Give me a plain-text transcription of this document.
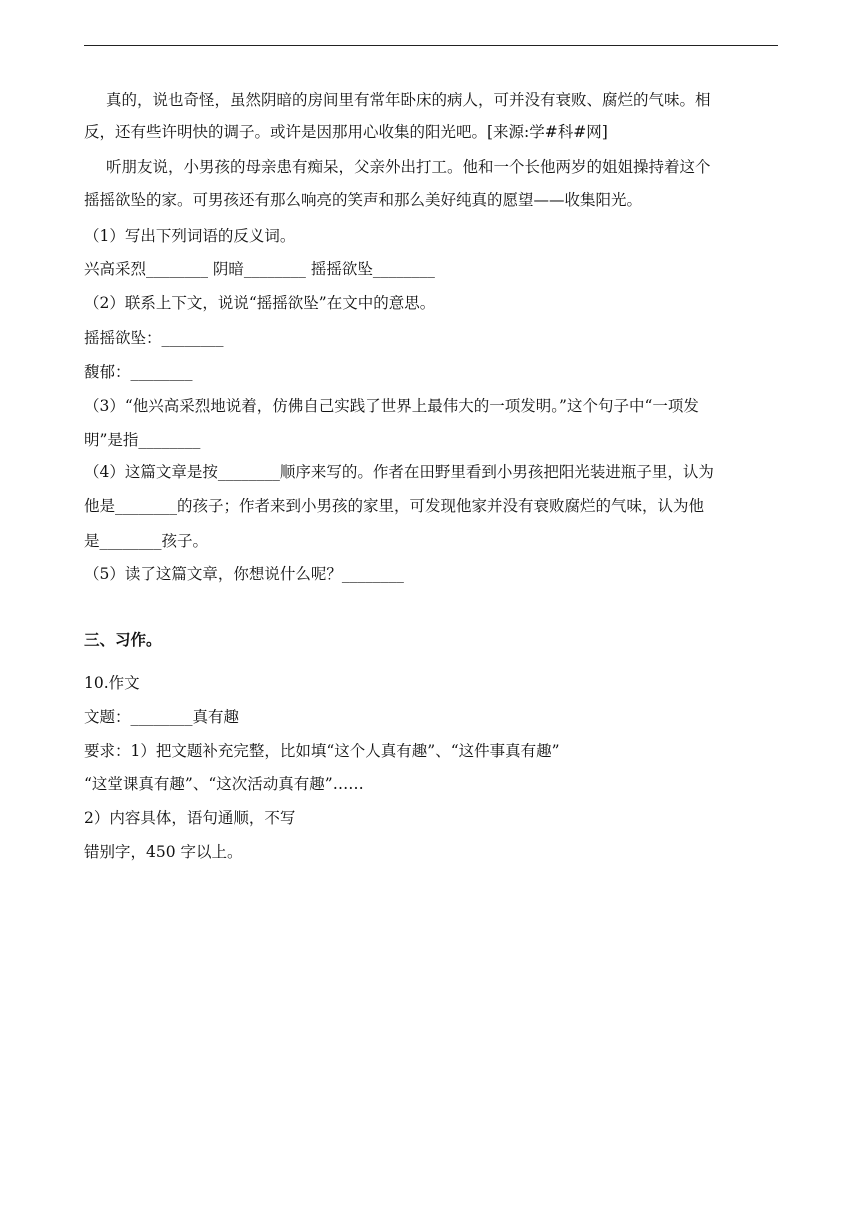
真的，说也奇怪，虽然阴暗的房间里有常年卧床的病人，可并没有衰败、腐烂的气味。相
反，还有些许明快的调子。或许是因那用心收集的阳光吧。[来源:学#科#网]
听朋友说，小男孩的母亲患有痴呆，父亲外出打工。他和一个长他两岁的姐姐操持着这个
摇摇欲坠的家。可男孩还有那么响亮的笑声和那么美好纯真的愿望——收集阳光。
（1）写出下列词语的反义词。
兴高采烈________ 阴暗________ 摇摇欲坠________
（2）联系上下文，说说“摇摇欲坠”在文中的意思。
摇摇欲坠：________
馥郁：________
（3）“他兴高采烈地说着，仿佛自己实践了世界上最伟大的一项发明。”这个句子中“一项发
明”是指________
（4）这篇文章是按________顺序来写的。作者在田野里看到小男孩把阳光装进瓶子里，认为
他是________的孩子；作者来到小男孩的家里，可发现他家并没有衰败腐烂的气味，认为他
是________孩子。
（5）读了这篇文章，你想说什么呢？________
三、习作。
10.作文
文题：________真有趣
要求：1）把文题补充完整，比如填“这个人真有趣”、“这件事真有趣”
“这堂课真有趣”、“这次活动真有趣”……
2）内容具体，语句通顺，不写
错别字，450 字以上。
